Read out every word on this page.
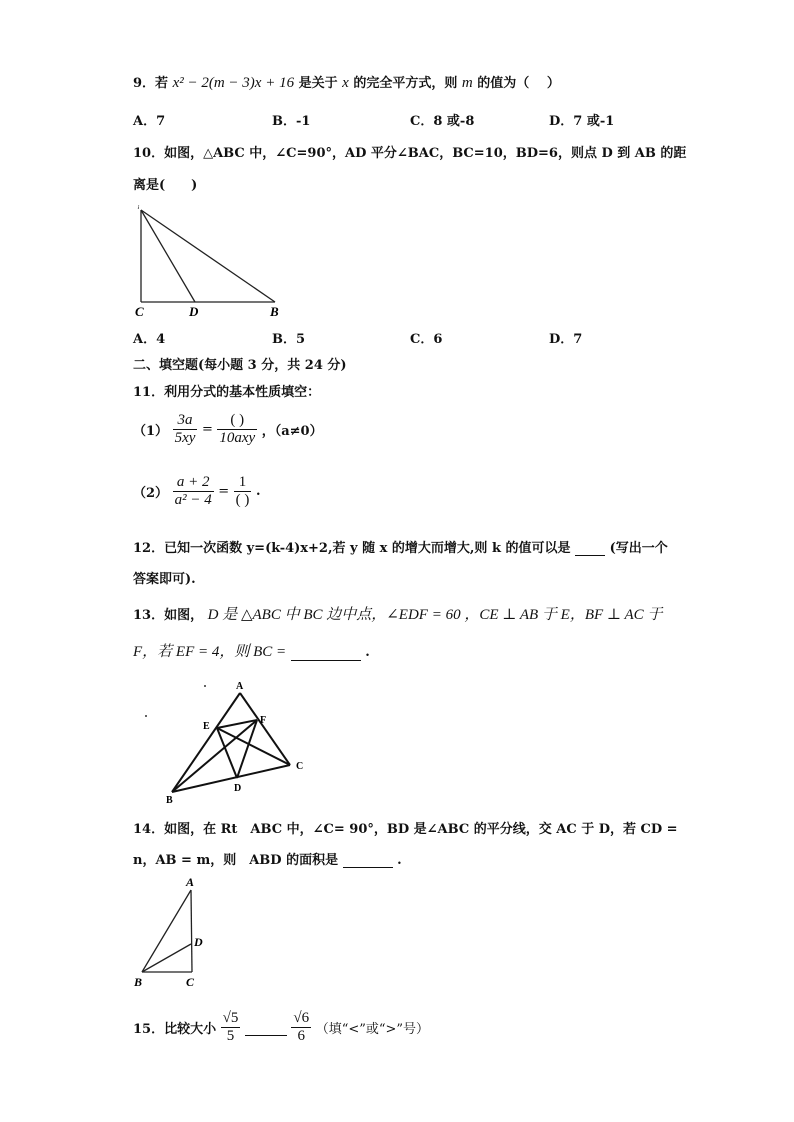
9．若 x² − 2(m − 3)x + 16 是关于 x 的完全平方式，则 m 的值为（　 ）
A．7	B．-1	C．8 或-8	D．7 或-1
10．如图，△ABC 中，∠C=90°，AD 平分∠BAC，BC=10，BD=6，则点 D 到 AB 的距
离是(　　)
ᵢ
C	D	B
A．4	B．5	C．6	D．7
二、填空题(每小题 3 分，共 24 分)
11．利用分式的基本性质填空：
$(1) \frac{3a}{5xy} = \frac{( )}{\text{10axy}}$ ，（a≠0）
$(2) \frac{a + 2}{\text{a² − 4}} = \frac{1}{( )}$ .
12．已知一次函数 y=(k-4)x+2,若 y 随 x 的增大而增大,则 k 的值可以是	(写出一个
答案即可).
13．如图， D 是 △ABC 中 BC 边中点，∠EDF = 60 ，CE ⊥ AB 于 E，BF ⊥ AC 于
F，若 EF = 4，则 BC =	.
A
E
F
C
D
B
14．如图，在 Rt　ABC 中，∠C= 90°，BD 是∠ABC 的平分线，交 AC 于 D，若 CD =
n，AB = m，则　ABD 的面积是	.
A
D
B	C
15．比较大小 $\frac{√5}{5}$
	$\frac{√6}{6}$ （填“<”或“>”号）
